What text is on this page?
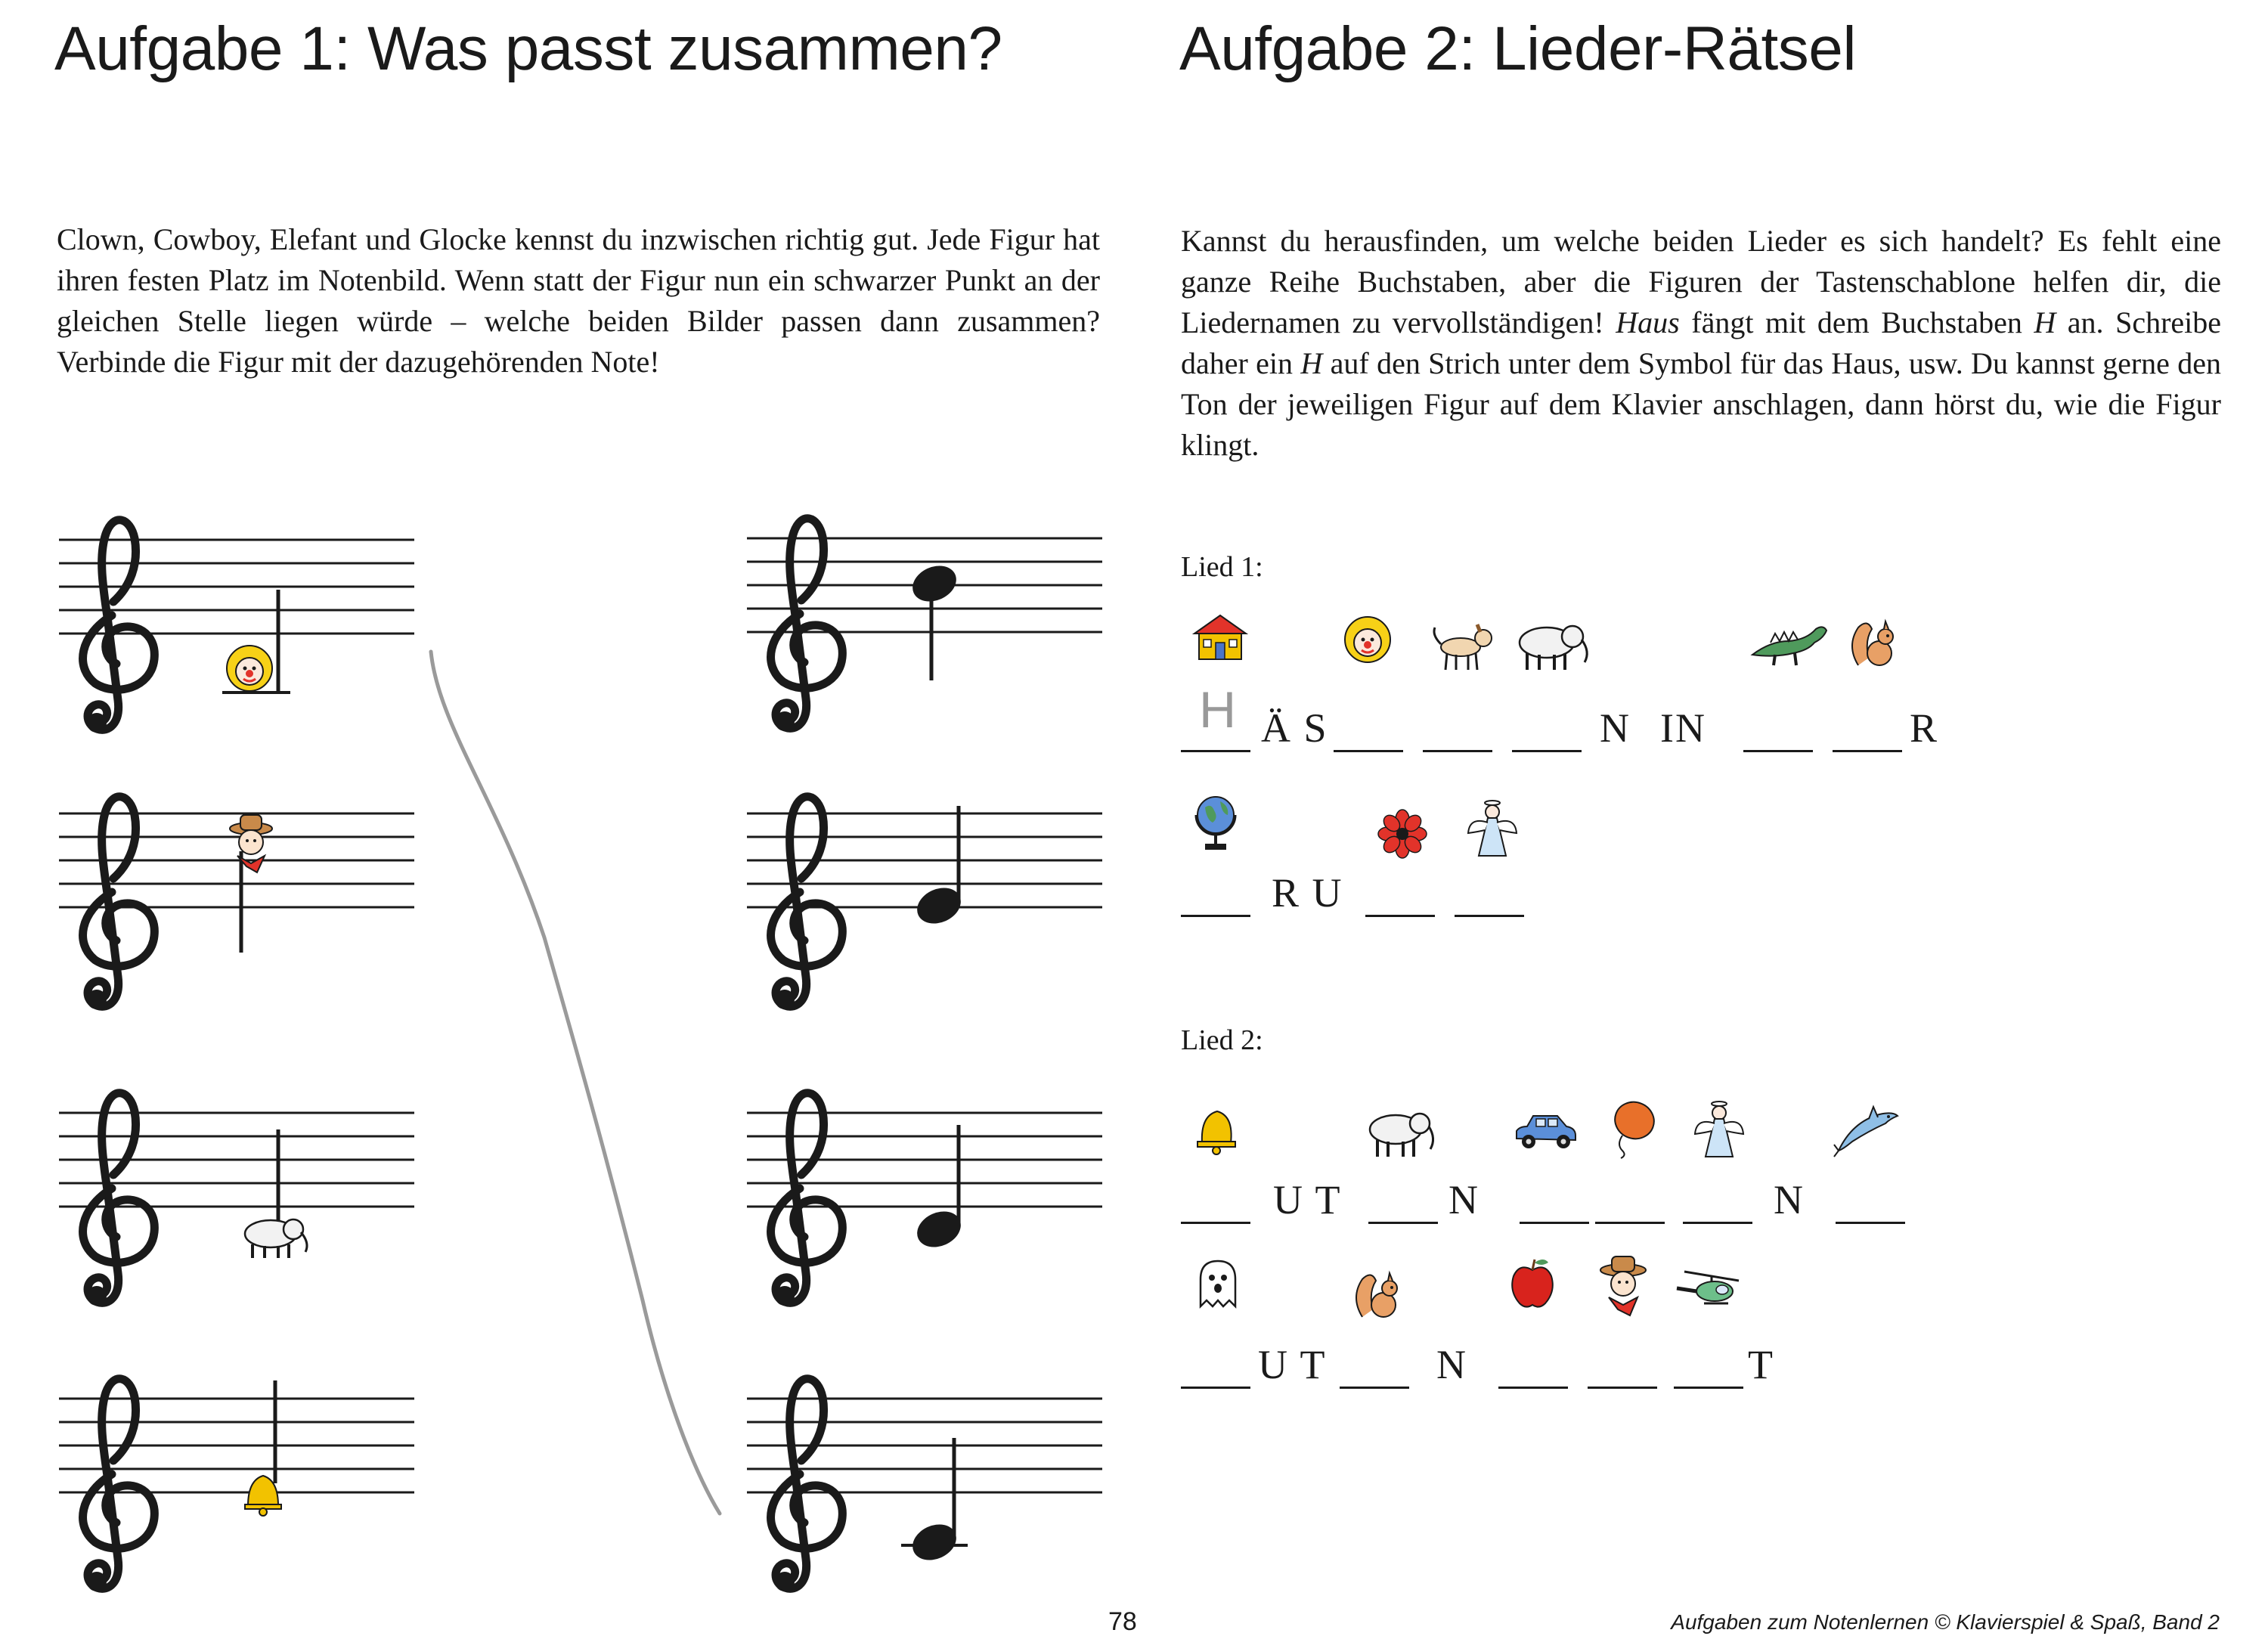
Aufgabe 1: Was passt zusammen?	Aufgabe 2: Lieder-Rätsel

Clown, Cowboy, Elefant und Glocke kennst du inzwischen richtig gut. Jede Figur hat ihren festen Platz im Notenbild. Wenn statt der Figur nun ein schwarzer Punkt an der gleichen Stelle liegen würde – welche beiden Bilder passen dann zusammen? Verbinde die Figur mit der dazugehörenden Note!

Kannst du herausfinden, um welche beiden Lieder es sich handelt? Es fehlt eine ganze Reihe Buchstaben, aber die Figuren der Tastenschablone helfen dir, die Liedernamen zu vervollständigen! Haus fängt mit dem Buchstaben H an. Schreibe daher ein H auf den Strich unter dem Symbol für das Haus, usw. Du kannst gerne den Ton der jeweiligen Figur auf dem Klavier anschlagen, dann hörst du, wie die Figur klingt.

Lied 1:
H Ä S	N IN	R
R U
Lied 2:
U T	N	N
U T	N	T
78	Aufgaben zum Notenlernen © Klavierspiel & Spaß, Band 2
